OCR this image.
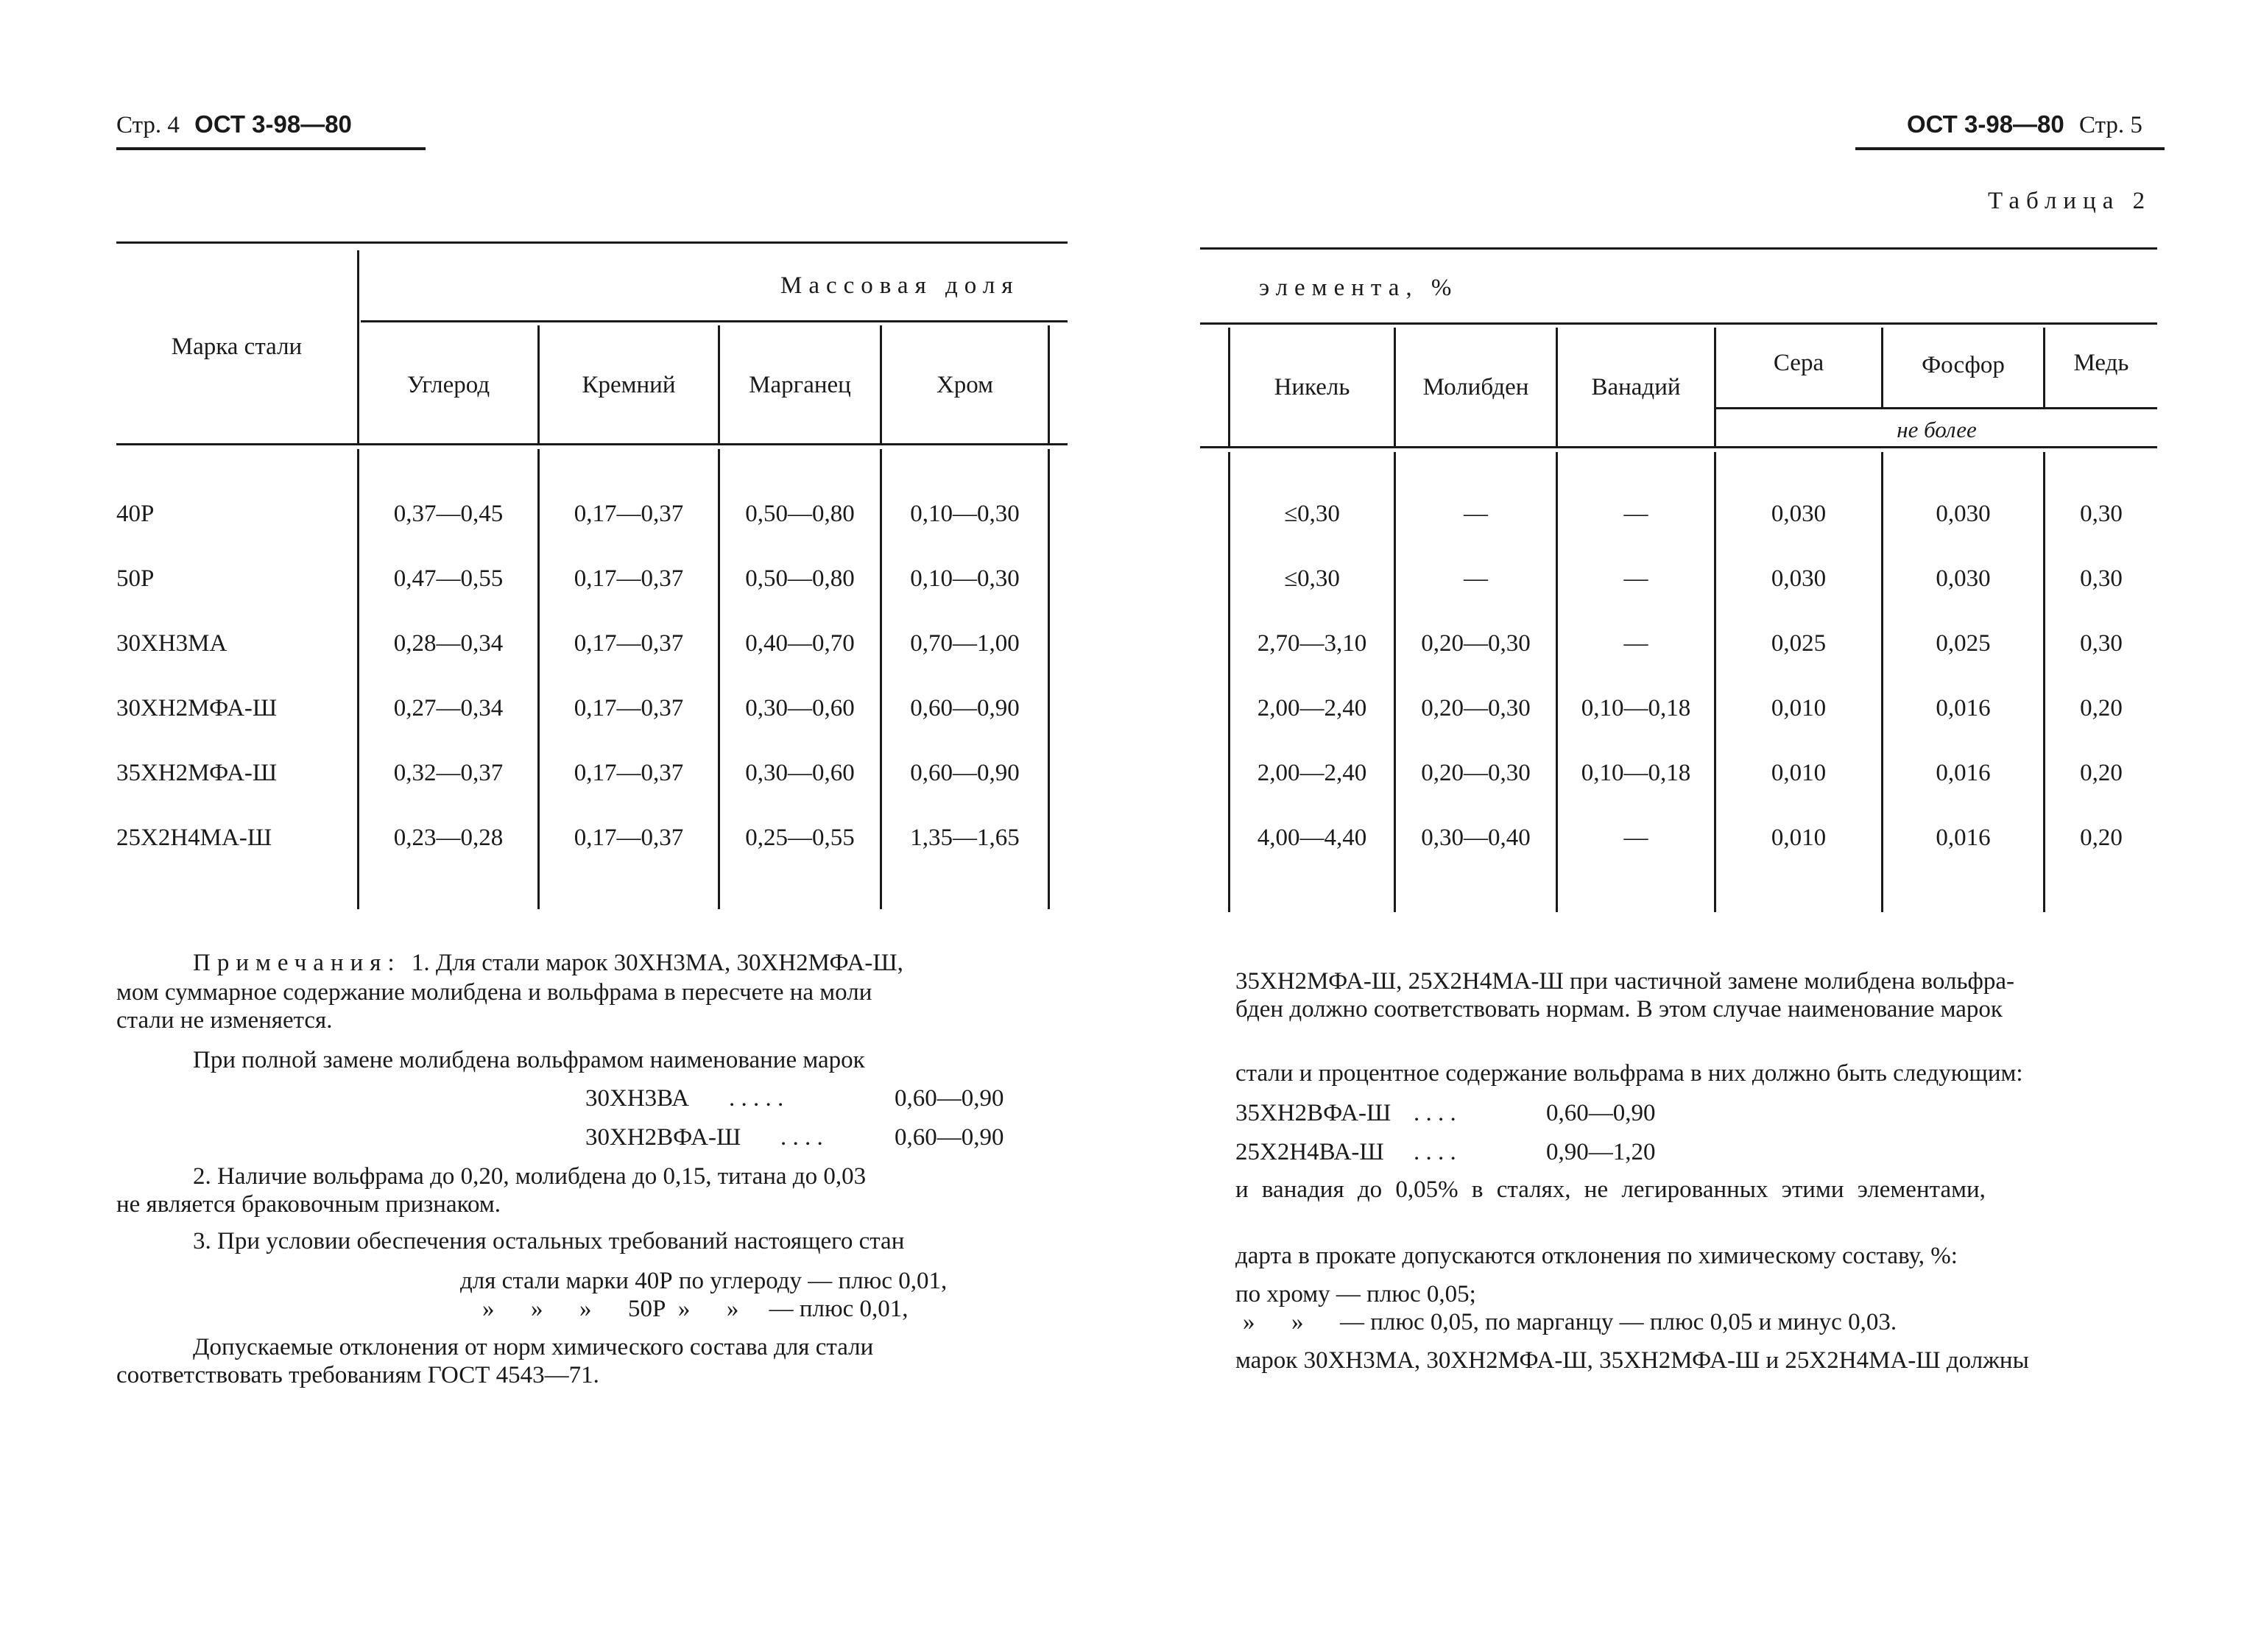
Стр. 4 ОСТ 3-98—80	ОСТ 3-98—80 Стр. 5
Таблица 2
Марка стали
Массовая доля
Углерод	Кремний	Марганец	Хром
элемента, %
Никель	Молибден	Ванадий
Сера	Фосфор	Медь
не более
40Р	0,37—0,45	0,17—0,37	0,50—0,80	0,10—0,30	≤0,30	—	—	0,030	0,030	0,30
50Р	0,47—0,55	0,17—0,37	0,50—0,80	0,10—0,30	≤0,30	—	—	0,030	0,030	0,30
30ХН3МА	0,28—0,34	0,17—0,37	0,40—0,70	0,70—1,00	2,70—3,10	0,20—0,30	—	0,025	0,025	0,30
30ХН2МФА-Ш	0,27—0,34	0,17—0,37	0,30—0,60	0,60—0,90	2,00—2,40	0,20—0,30	0,10—0,18	0,010	0,016	0,20
35ХН2МФА-Ш	0,32—0,37	0,17—0,37	0,30—0,60	0,60—0,90	2,00—2,40	0,20—0,30	0,10—0,18	0,010	0,016	0,20
25Х2Н4МА-Ш	0,23—0,28	0,17—0,37	0,25—0,55	1,35—1,65	4,00—4,40	0,30—0,40	—	0,010	0,016	0,20
Примечания: 1. Для стали марок 30ХН3МА, 30ХН2МФА-Ш,
мом суммарное содержание молибдена и вольфрама в пересчете на моли
стали не изменяется.
При полной замене молибдена вольфрамом наименование марок
30ХН3ВА . . . . .	0,60—0,90
30ХН2ВФА-Ш . . . .	0,60—0,90
2. Наличие вольфрама до 0,20, молибдена до 0,15, титана до 0,03
не является браковочным признаком.
3. При условии обеспечения остальных требований настоящего стан
для стали марки 40Р по углероду — плюс 0,01,
»      »      »      50Р  »      »     — плюс 0,01,
Допускаемые отклонения от норм химического состава для стали
соответствовать требованиям ГОСТ 4543—71.
35ХН2МФА-Ш, 25Х2Н4МА-Ш при частичной замене молибдена вольфра-
бден должно соответствовать нормам. В этом случае наименование марок
стали и процентное содержание вольфрама в них должно быть следующим:
35ХН2ВФА-Ш . . . .	0,60—0,90
25Х2Н4ВА-Ш . . . .	0,90—1,20
и ванадия до 0,05% в сталях, не легированных этими элементами,
дарта в прокате допускаются отклонения по химическому составу, %:
по хрому — плюс 0,05;
»      »      — плюс 0,05, по марганцу — плюс 0,05 и минус 0,03.
марок 30ХН3МА, 30ХН2МФА-Ш, 35ХН2МФА-Ш и 25Х2Н4МА-Ш должны
